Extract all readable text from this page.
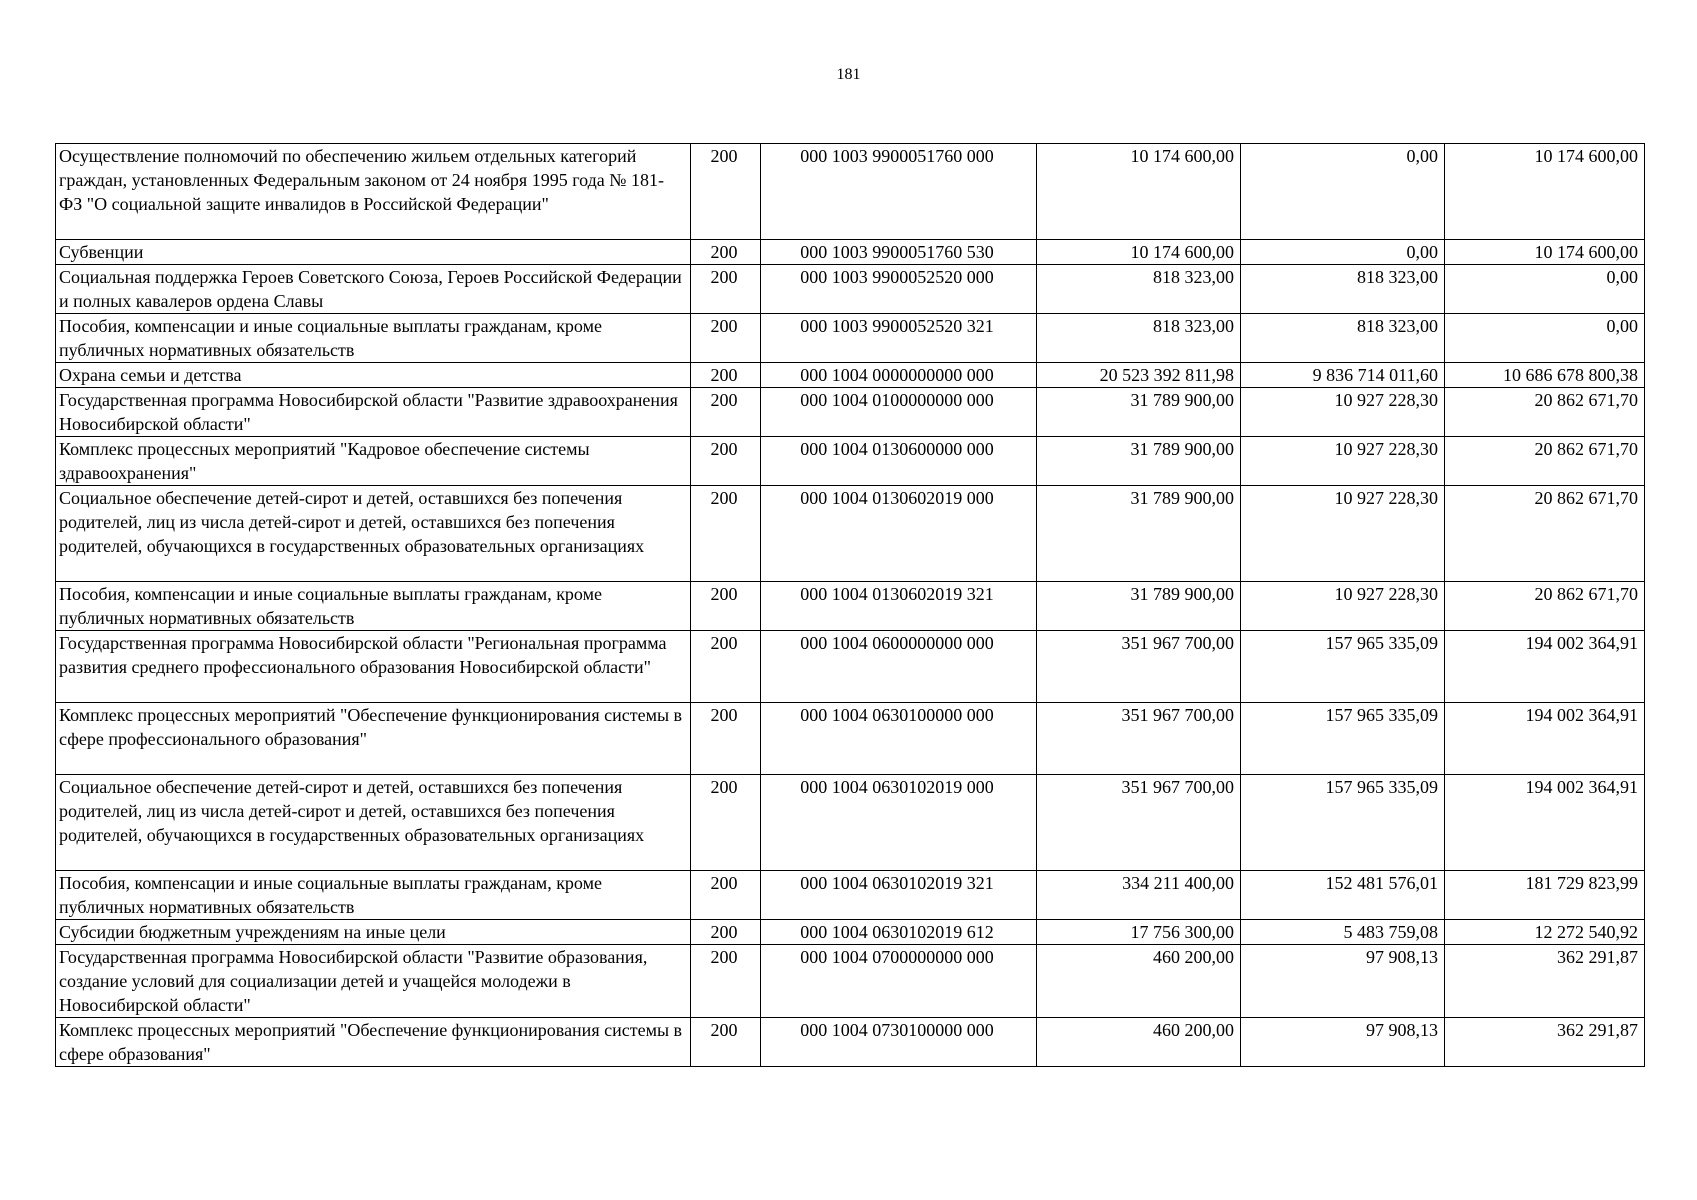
181
Осуществление полномочий по обеспечению жильем отдельных категорий граждан, установленных Федеральным законом от 24 ноября 1995 года № 181-ФЗ "О социальной защите инвалидов в Российской Федерации"	200	000 1003 9900051760 000	10 174 600,00	0,00	10 174 600,00
Субвенции	200	000 1003 9900051760 530	10 174 600,00	0,00	10 174 600,00
Социальная поддержка Героев Советского Союза, Героев Российской Федерации и полных кавалеров ордена Славы	200	000 1003 9900052520 000	818 323,00	818 323,00	0,00
Пособия, компенсации и иные социальные выплаты гражданам, кроме публичных нормативных обязательств	200	000 1003 9900052520 321	818 323,00	818 323,00	0,00
Охрана семьи и детства	200	000 1004 0000000000 000	20 523 392 811,98	9 836 714 011,60	10 686 678 800,38
Государственная программа Новосибирской области "Развитие здравоохранения Новосибирской области"	200	000 1004 0100000000 000	31 789 900,00	10 927 228,30	20 862 671,70
Комплекс процессных мероприятий "Кадровое обеспечение системы здравоохранения"	200	000 1004 0130600000 000	31 789 900,00	10 927 228,30	20 862 671,70
Социальное обеспечение детей-сирот и детей, оставшихся без попечения родителей, лиц из числа детей-сирот и детей, оставшихся без попечения родителей, обучающихся в государственных образовательных организациях	200	000 1004 0130602019 000	31 789 900,00	10 927 228,30	20 862 671,70
Пособия, компенсации и иные социальные выплаты гражданам, кроме публичных нормативных обязательств	200	000 1004 0130602019 321	31 789 900,00	10 927 228,30	20 862 671,70
Государственная программа Новосибирской области "Региональная программа развития среднего профессионального образования Новосибирской области"	200	000 1004 0600000000 000	351 967 700,00	157 965 335,09	194 002 364,91
Комплекс процессных мероприятий "Обеспечение функционирования системы в сфере профессионального образования"	200	000 1004 0630100000 000	351 967 700,00	157 965 335,09	194 002 364,91
Социальное обеспечение детей-сирот и детей, оставшихся без попечения родителей, лиц из числа детей-сирот и детей, оставшихся без попечения родителей, обучающихся в государственных образовательных организациях	200	000 1004 0630102019 000	351 967 700,00	157 965 335,09	194 002 364,91
Пособия, компенсации и иные социальные выплаты гражданам, кроме публичных нормативных обязательств	200	000 1004 0630102019 321	334 211 400,00	152 481 576,01	181 729 823,99
Субсидии бюджетным учреждениям на иные цели	200	000 1004 0630102019 612	17 756 300,00	5 483 759,08	12 272 540,92
Государственная программа Новосибирской области "Развитие образования, создание условий для социализации детей и учащейся молодежи в Новосибирской области"	200	000 1004 0700000000 000	460 200,00	97 908,13	362 291,87
Комплекс процессных мероприятий "Обеспечение функционирования системы в сфере образования"	200	000 1004 0730100000 000	460 200,00	97 908,13	362 291,87
